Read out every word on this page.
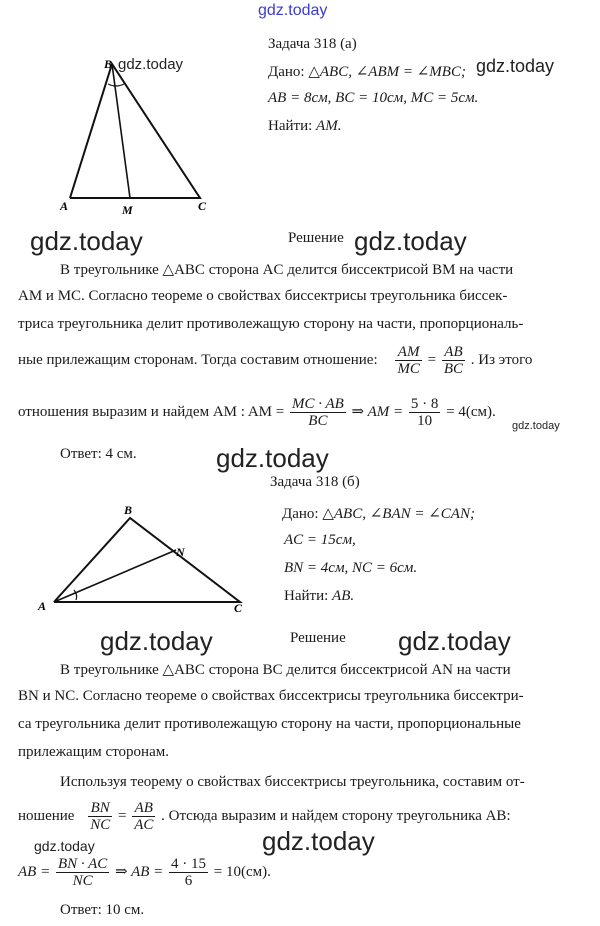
gdz.today
B
A	M	C
gdz.today
Задача 318 (а)
Дано: △ABC, ∠ABM = ∠MBC; gdz.today
AB = 8см, BC = 10см, MC = 5см.
Найти: AM.
gdz.today	Решение gdz.today
В треугольнике △ABC сторона AC делится биссектрисой BM на части
AM и MC. Согласно теореме о свойствах биссектрисы треугольника биссек-
триса треугольника делит противолежащую сторону на части, пропорциональ-
ные прилежащим сторонам. Тогда составим отношение: $\frac{AM}{MC} = \frac{AB}{BC}$ . Из этого
отношения выразим и найдем AM : AM = $\frac{MC \cdot AB}{BC}$ ⇒ AM = $\frac{5 \cdot 8}{10} = 4(см)$.
gdz.today
Ответ: 4 см.	gdz.today
Задача 318 (б)
B
A
N
C
Дано: △ABC, ∠BAN = ∠CAN;
AC = 15см,
BN = 4см, NC = 6см.
Найти: AB.
gdz.today	Решение gdz.today
В треугольнике △ABC сторона BC делится биссектрисой AN на части
BN и NC. Согласно теореме о свойствах биссектрисы треугольника биссектри-
са треугольника делит противолежащую сторону на части, пропорциональные
прилежащим сторонам.
Используя теорему о свойствах биссектрисы треугольника, составим от-
ношение $\frac{BN}{NC} = \frac{AB}{AC}$ . Отсюда выразим и найдем сторону треугольника AB:
gdz.today	gdz.today
AB = $\frac{BN \cdot AC}{NC}$ ⇒ AB = $\frac{4 \cdot 15}{6} = 10(см)$.
Ответ: 10 см.
